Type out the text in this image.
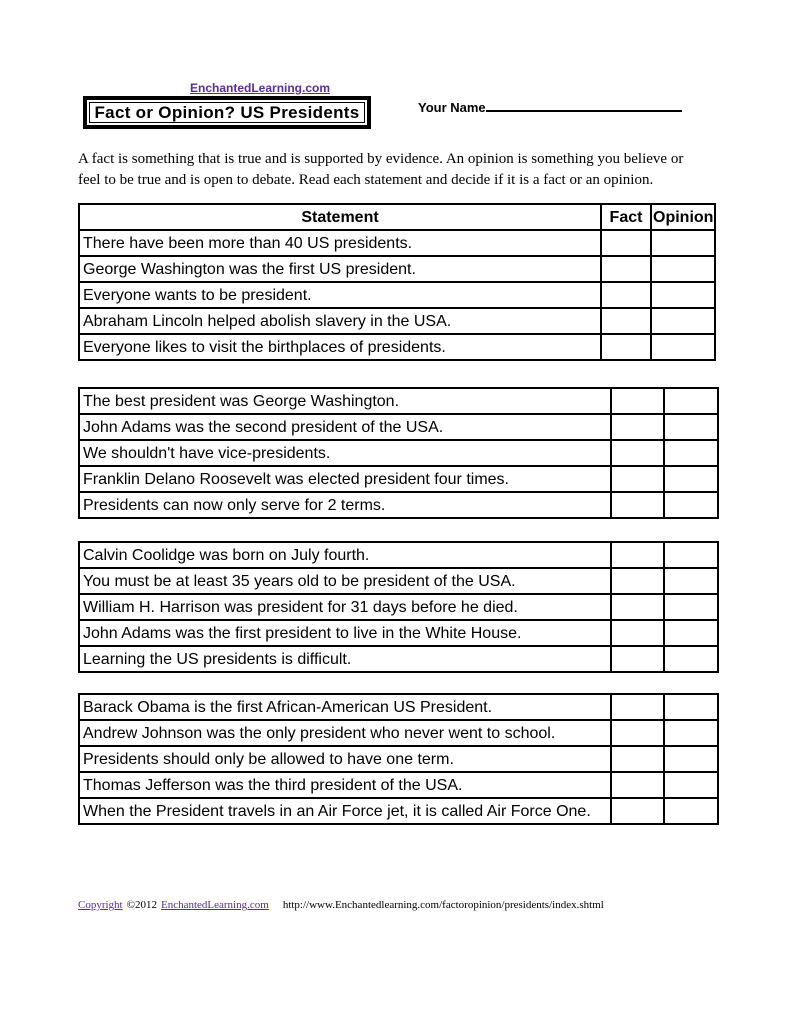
EnchantedLearning.com
Fact or Opinion? US Presidents	Your Name
A fact is something that is true and is supported by evidence. An opinion is something you believe or
feel to be true and is open to debate. Read each statement and decide if it is a fact or an opinion.
Statement	Fact	Opinion
There have been more than 40 US presidents.		
George Washington was the first US president.		
Everyone wants to be president.		
Abraham Lincoln helped abolish slavery in the USA.		
Everyone likes to visit the birthplaces of presidents.		
The best president was George Washington.		
John Adams was the second president of the USA.		
We shouldn't have vice-presidents.		
Franklin Delano Roosevelt was elected president four times.		
Presidents can now only serve for 2 terms.		
Calvin Coolidge was born on July fourth.		
You must be at least 35 years old to be president of the USA.		
William H. Harrison was president for 31 days before he died.		
John Adams was the first president to live in the White House.		
Learning the US presidents is difficult.		
Barack Obama is the first African-American US President.		
Andrew Johnson was the only president who never went to school.		
Presidents should only be allowed to have one term.		
Thomas Jefferson was the third president of the USA.		
When the President travels in an Air Force jet, it is called Air Force One.		
Copyright ©2012 EnchantedLearning.com http://www.Enchantedlearning.com/factoropinion/presidents/index.shtml
